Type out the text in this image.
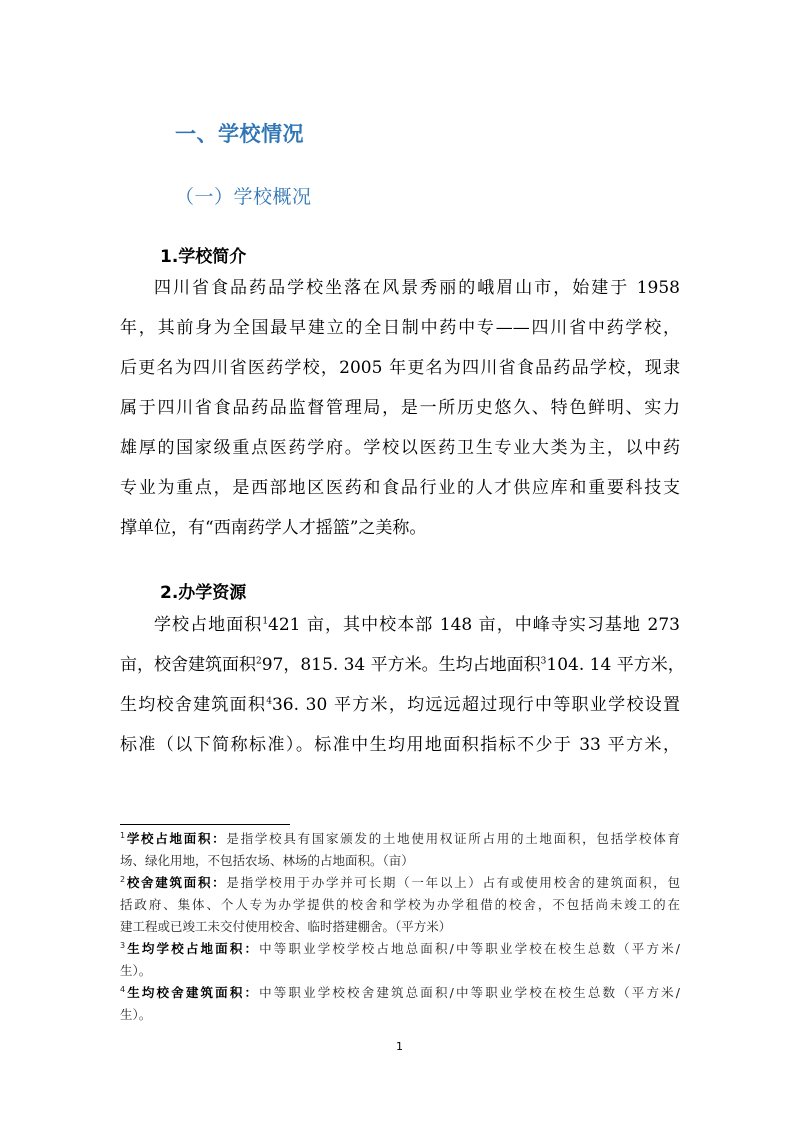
一、学校情况
（一）学校概况
1.学校简介
四川省食品药品学校坐落在风景秀丽的峨眉山市，始建于 1958
年，其前身为全国最早建立的全日制中药中专——四川省中药学校，
后更名为四川省医药学校，2005 年更名为四川省食品药品学校，现隶
属于四川省食品药品监督管理局，是一所历史悠久、特色鲜明、实力
雄厚的国家级重点医药学府。学校以医药卫生专业大类为主，以中药
专业为重点，是西部地区医药和食品行业的人才供应库和重要科技支
撑单位，有“西南药学人才摇篮”之美称。
2.办学资源
学校占地面积$^1$421 亩，其中校本部 148 亩，中峰寺实习基地 273
亩，校舍建筑面积$^2$97，815. 34 平方米。生均占地面积$^3$104. 14 平方米，
生均校舍建筑面积$^4$36. 30 平方米，均远远超过现行中等职业学校设置
标准（以下简称标准）。标准中生均用地面积指标不少于 33 平方米，
$^1$学校占地面积：是指学校具有国家颁发的土地使用权证所占用的土地面积，包括学校体育
场、绿化用地，不包括农场、林场的占地面积。（亩）
$^2$校舍建筑面积：是指学校用于办学并可长期（一年以上）占有或使用校舍的建筑面积，包
括政府、集体、个人专为办学提供的校舍和学校为办学租借的校舍，不包括尚未竣工的在
建工程或已竣工未交付使用校舍、临时搭建棚舍。（平方米）
$^3$生均学校占地面积：中等职业学校学校占地总面积/中等职业学校在校生总数（平方米/
生）。
$^4$生均校舍建筑面积：中等职业学校校舍建筑总面积/中等职业学校在校生总数（平方米/
生）。
1
